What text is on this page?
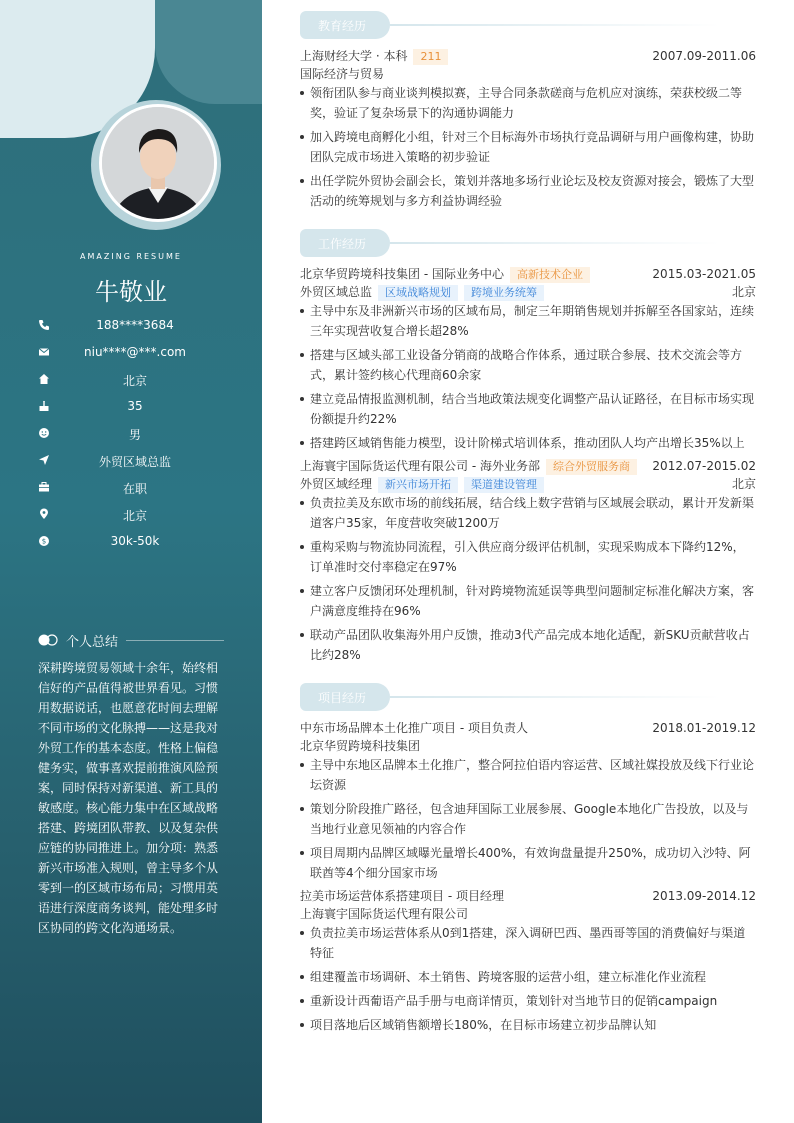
AMAZING RESUME
牛敬业
188****3684
niu****@***.com
北京
35
男
外贸区域总监
在职
北京
$	30k-50k
个人总结
深耕跨境贸易领域十余年，始终相信好的产品值得被世界看见。习惯用数据说话，也愿意花时间去理解不同市场的文化脉搏——这是我对外贸工作的基本态度。性格上偏稳健务实，做事喜欢提前推演风险预案，同时保持对新渠道、新工具的敏感度。核心能力集中在区域战略搭建、跨境团队带教、以及复杂供应链的协同推进上。加分项：熟悉新兴市场准入规则，曾主导多个从零到一的区域市场布局；习惯用英语进行深度商务谈判，能处理多时区协同的跨文化沟通场景。
教育经历
上海财经大学 · 本科 211	2007.09-2011.06
国际经济与贸易
领衔团队参与商业谈判模拟赛，主导合同条款磋商与危机应对演练，荣获校级二等奖，验证了复杂场景下的沟通协调能力
加入跨境电商孵化小组，针对三个目标海外市场执行竞品调研与用户画像构建，协助团队完成市场进入策略的初步验证
出任学院外贸协会副会长，策划并落地多场行业论坛及校友资源对接会，锻炼了大型活动的统筹规划与多方利益协调经验
工作经历
北京华贸跨境科技集团 - 国际业务中心 高新技术企业	2015.03-2021.05
外贸区域总监 区域战略规划 跨境业务统筹	北京
主导中东及非洲新兴市场的区域布局，制定三年期销售规划并拆解至各国家站，连续三年实现营收复合增长超28%
搭建与区域头部工业设备分销商的战略合作体系，通过联合参展、技术交流会等方式，累计签约核心代理商60余家
建立竞品情报监测机制，结合当地政策法规变化调整产品认证路径，在目标市场实现份额提升约22%
搭建跨区域销售能力模型，设计阶梯式培训体系，推动团队人均产出增长35%以上
上海寰宇国际货运代理有限公司 - 海外业务部 综合外贸服务商 2012.07-2015.02
外贸区域经理 新兴市场开拓 渠道建设管理	北京
负责拉美及东欧市场的前线拓展，结合线上数字营销与区域展会联动，累计开发新渠道客户35家，年度营收突破1200万
重构采购与物流协同流程，引入供应商分级评估机制，实现采购成本下降约12%，订单准时交付率稳定在97%
建立客户反馈闭环处理机制，针对跨境物流延误等典型问题制定标准化解决方案，客户满意度维持在96%
联动产品团队收集海外用户反馈，推动3代产品完成本地化适配，新SKU贡献营收占比约28%
项目经历
中东市场品牌本土化推广项目 - 项目负责人	2018.01-2019.12
北京华贸跨境科技集团
主导中东地区品牌本土化推广，整合阿拉伯语内容运营、区域社媒投放及线下行业论坛资源
策划分阶段推广路径，包含迪拜国际工业展参展、Google本地化广告投放，以及与当地行业意见领袖的内容合作
项目周期内品牌区域曝光量增长400%，有效询盘量提升250%，成功切入沙特、阿联酋等4个细分国家市场
拉美市场运营体系搭建项目 - 项目经理	2013.09-2014.12
上海寰宇国际货运代理有限公司
负责拉美市场运营体系从0到1搭建，深入调研巴西、墨西哥等国的消费偏好与渠道特征
组建覆盖市场调研、本土销售、跨境客服的运营小组，建立标准化作业流程
重新设计西葡语产品手册与电商详情页，策划针对当地节日的促销campaign
项目落地后区域销售额增长180%，在目标市场建立初步品牌认知
